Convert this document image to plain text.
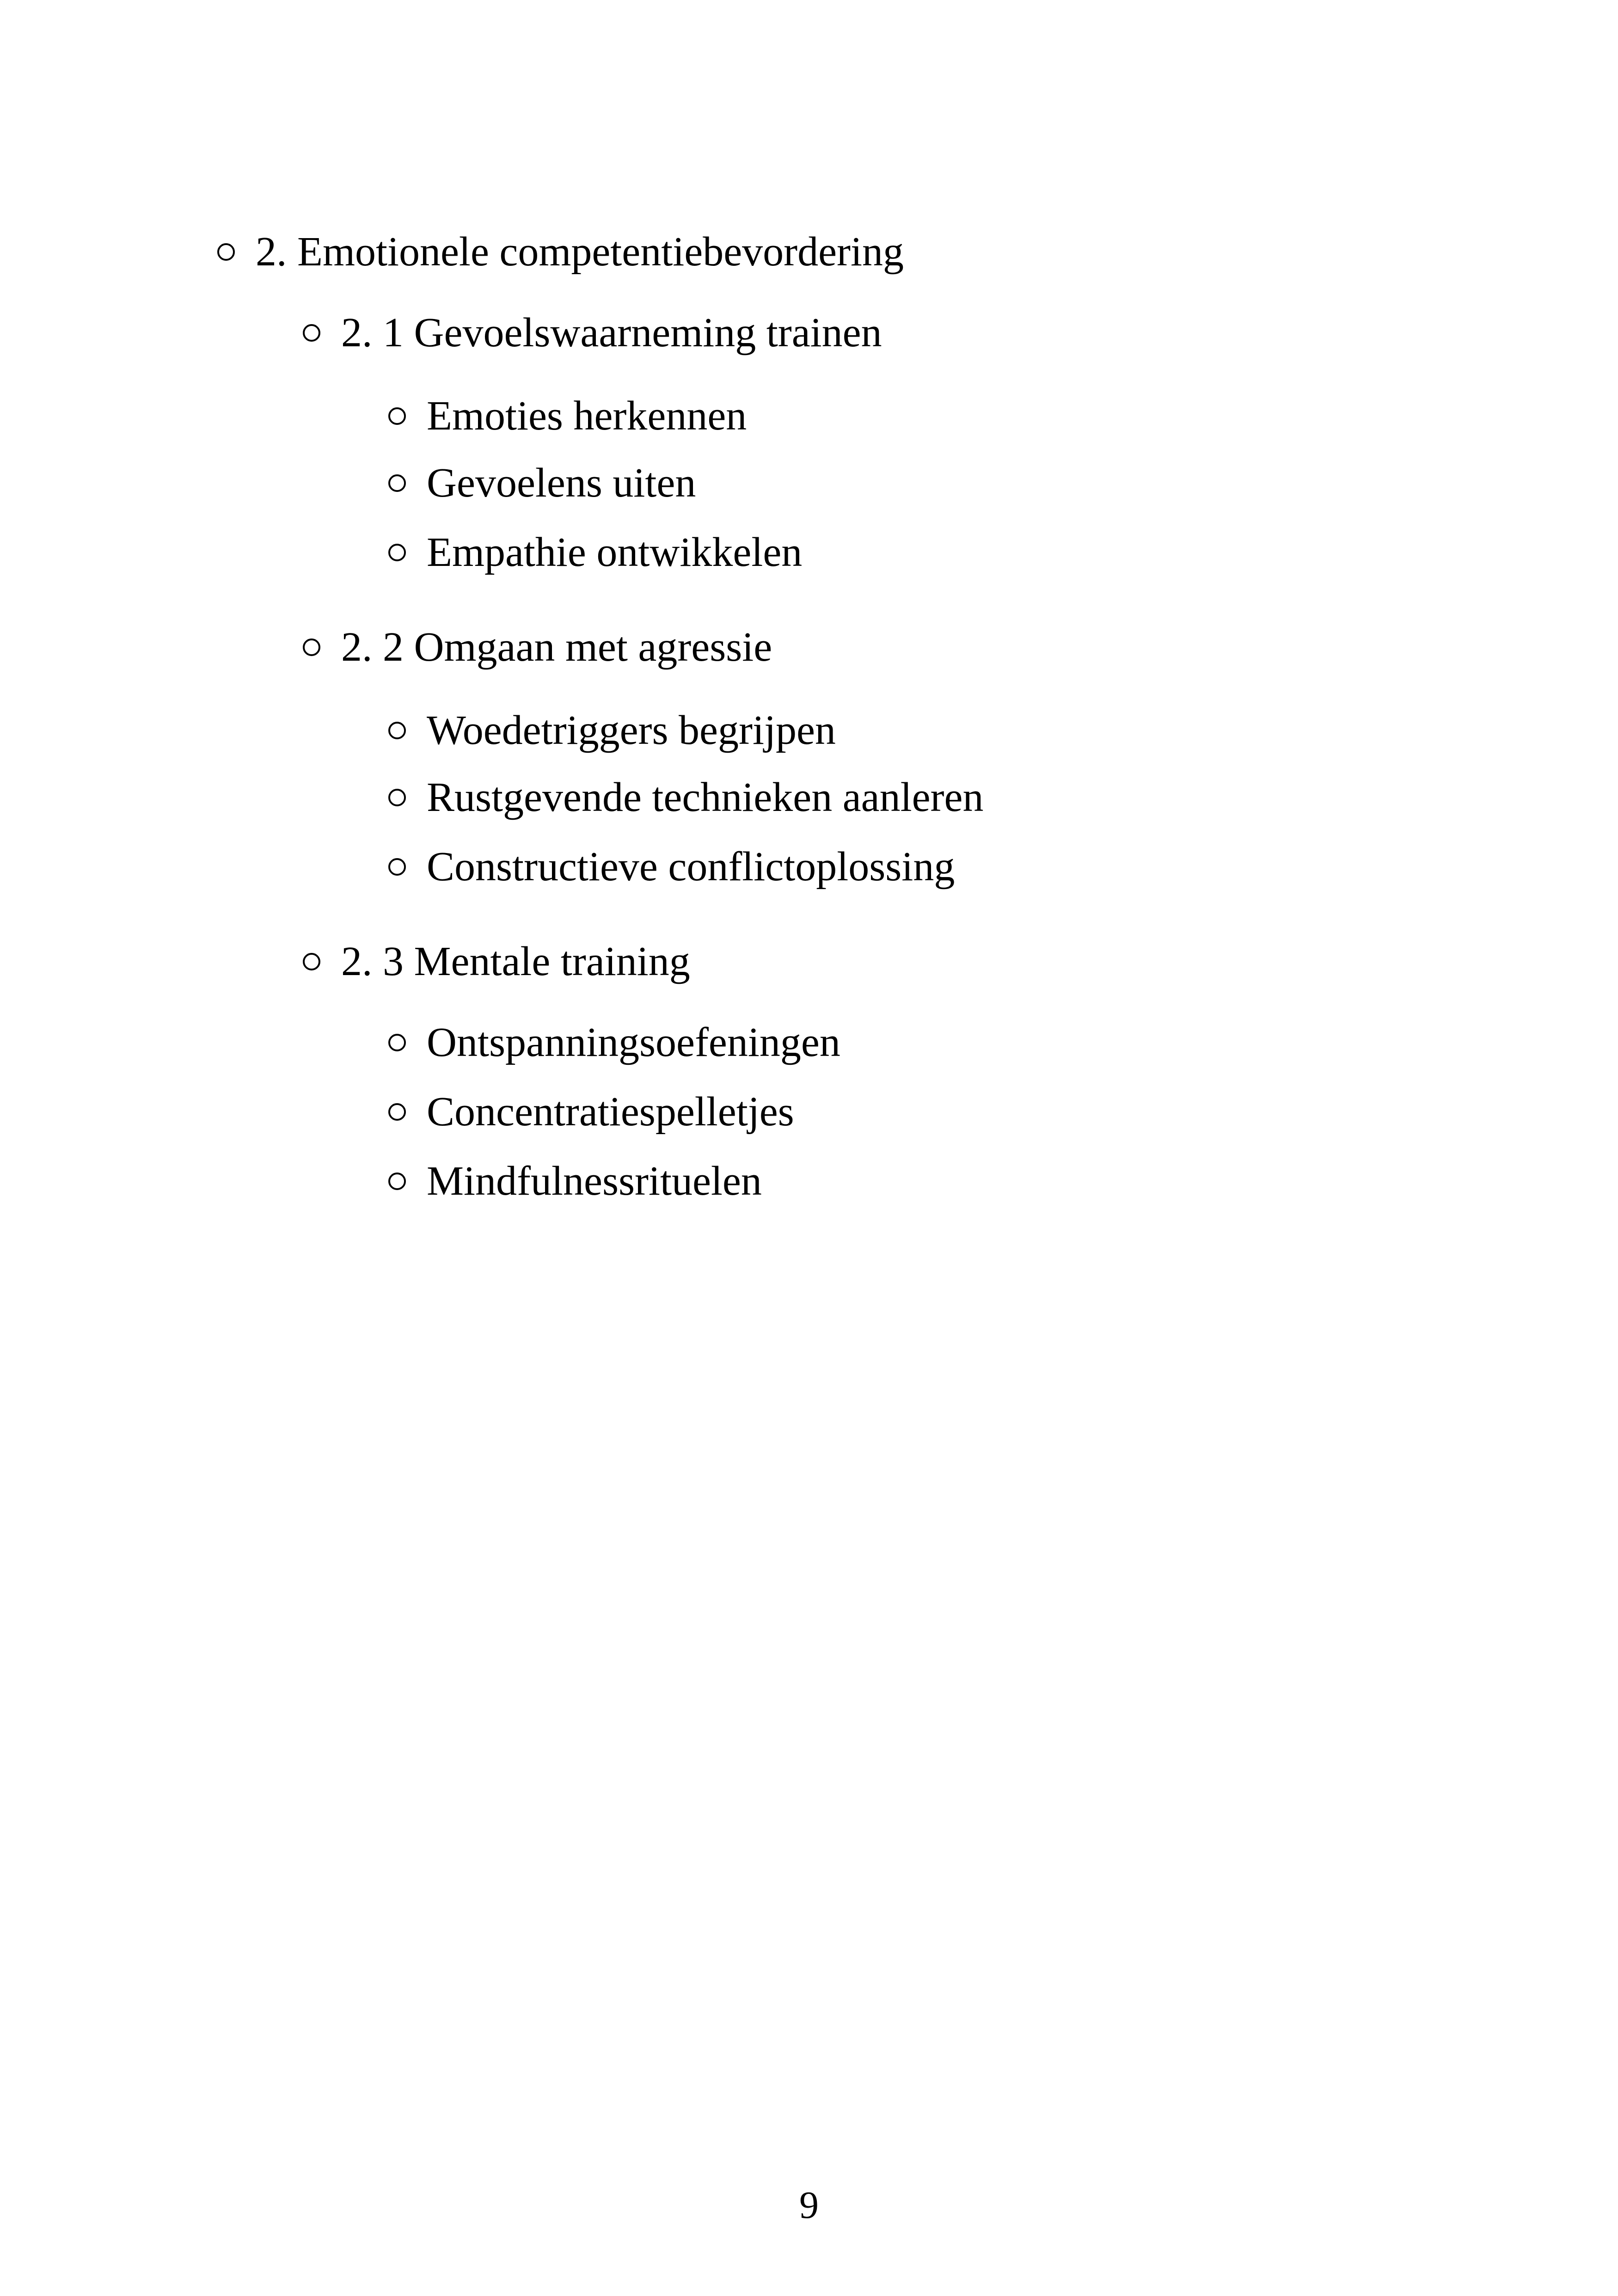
2. Emotionele competentiebevordering
2. 1 Gevoelswaarneming trainen
Emoties herkennen
Gevoelens uiten
Empathie ontwikkelen
2. 2 Omgaan met agressie
Woedetriggers begrijpen
Rustgevende technieken aanleren
Constructieve conflictoplossing
2. 3 Mentale training
Ontspanningsoefeningen
Concentratiespelletjes
Mindfulnessrituelen
9
